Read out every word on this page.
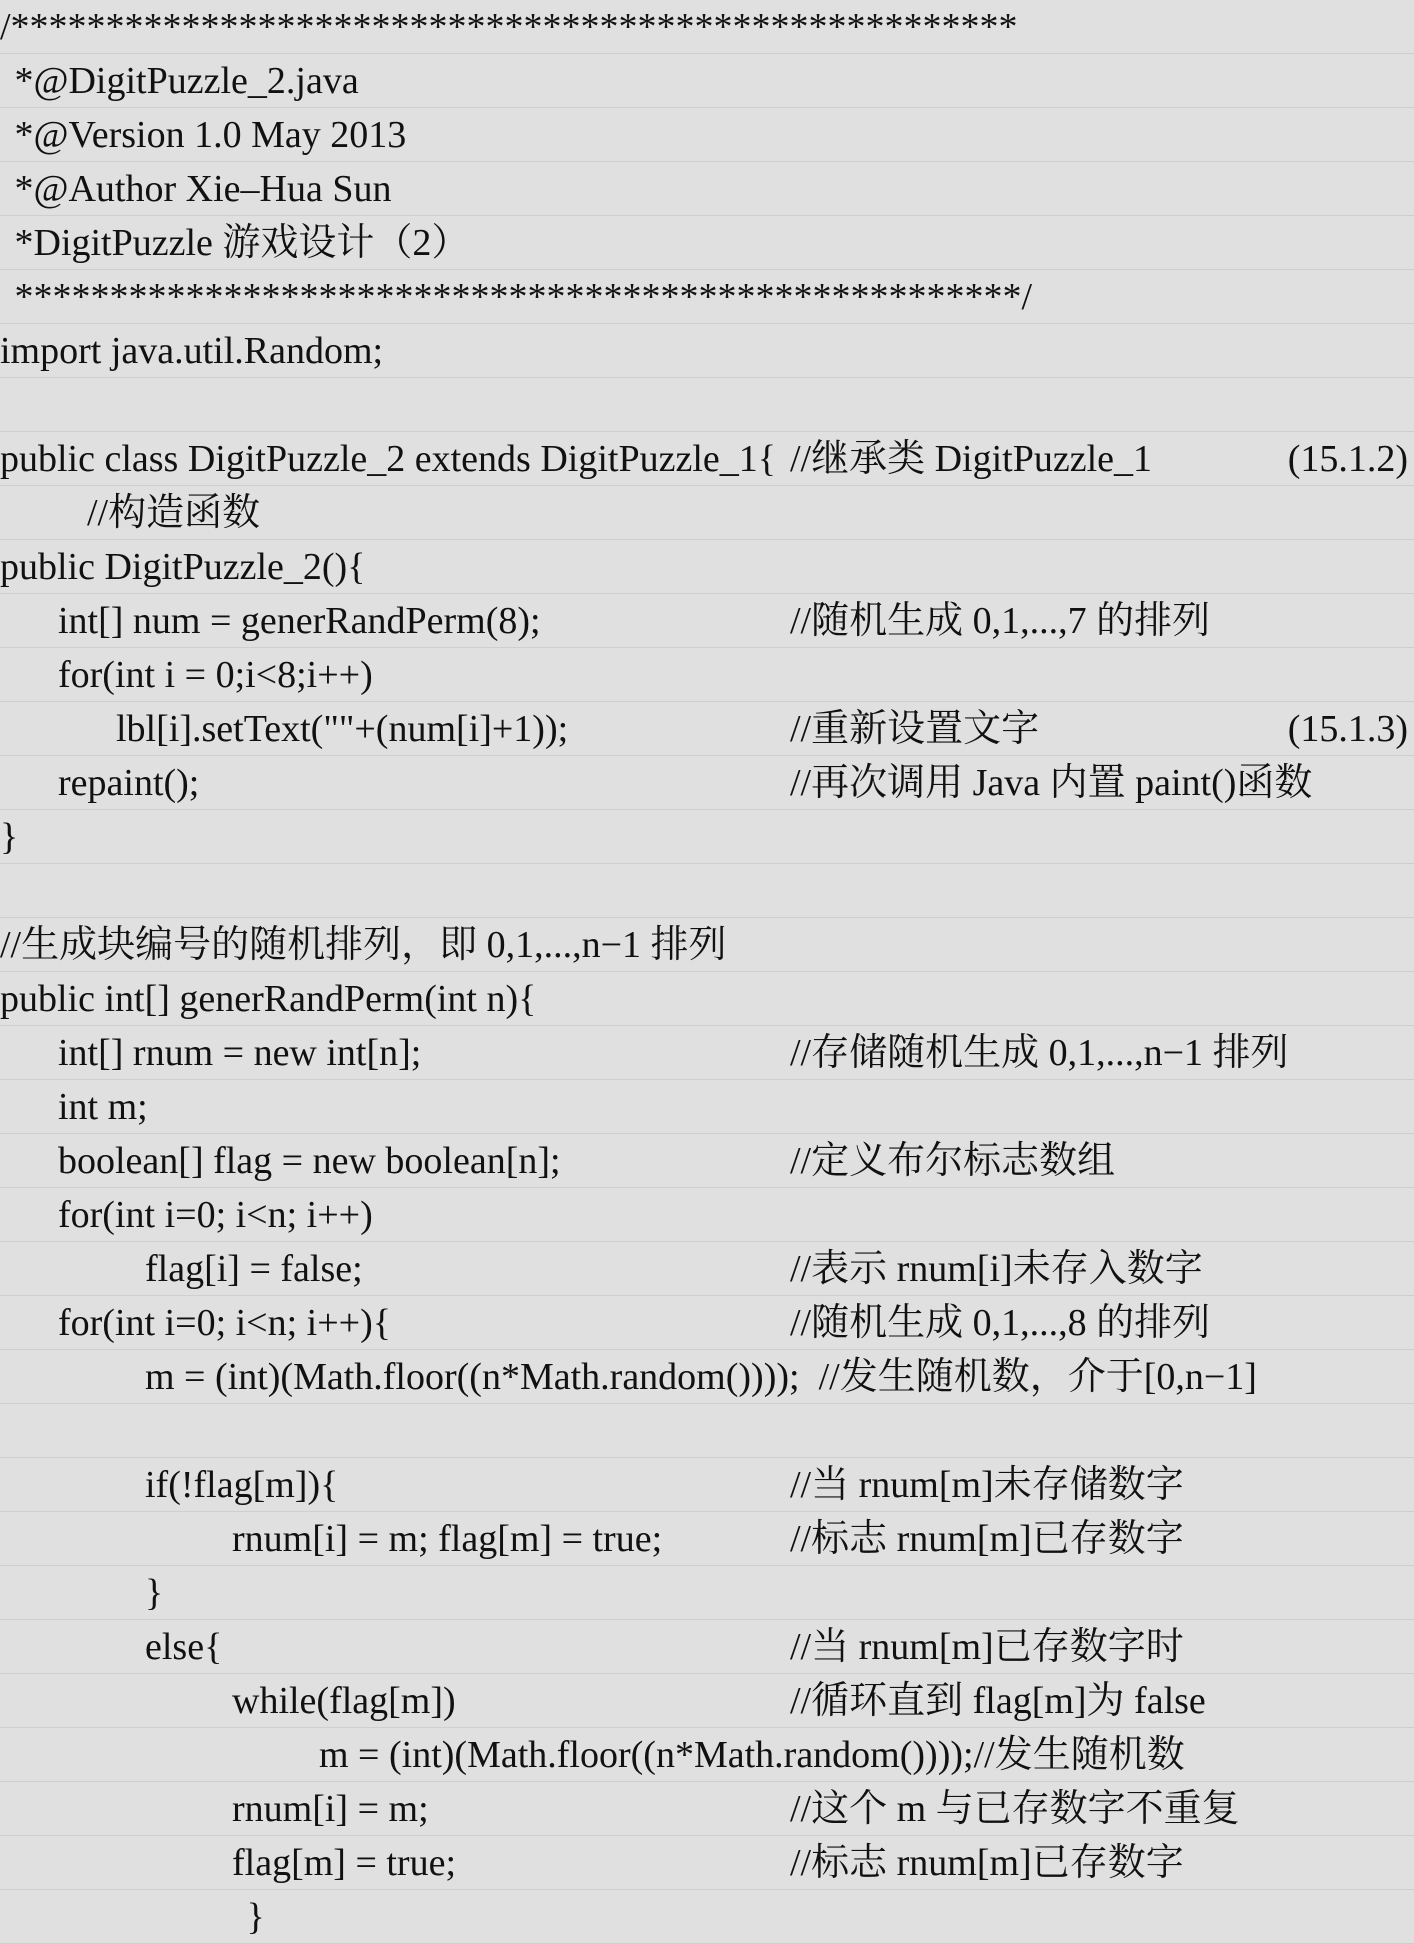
/*****************************************************
*@DigitPuzzle_2.java
*@Version 1.0 May 2013
*@Author Xie‒Hua Sun
*DigitPuzzle 游戏设计（2）
*****************************************************/
import java.util.Random;
public class DigitPuzzle_2 extends DigitPuzzle_1{ //继承类 DigitPuzzle_1	(15.1.2)
//构造函数
public DigitPuzzle_2(){
int[] num = generRandPerm(8);	//随机生成 0,1,...,7 的排列
for(int i = 0;i<8;i++)
lbl[i].setText(""+(num[i]+1));	//重新设置文字	(15.1.3)
repaint();	//再次调用 Java 内置 paint()函数
}
//生成块编号的随机排列，即 0,1,...,n−1 排列
public int[] generRandPerm(int n){
int[] rnum = new int[n];	//存储随机生成 0,1,...,n−1 排列
int m;
boolean[] flag = new boolean[n];	//定义布尔标志数组
for(int i=0; i<n; i++)
flag[i] = false;	//表示 rnum[i]未存入数字
for(int i=0; i<n; i++){	//随机生成 0,1,...,8 的排列
m = (int)(Math.floor((n*Math.random())));  //发生随机数，介于[0,n−1]
if(!flag[m]){	//当 rnum[m]未存储数字
rnum[i] = m; flag[m] = true;	//标志 rnum[m]已存数字
}
else{	//当 rnum[m]已存数字时
while(flag[m])	//循环直到 flag[m]为 false
m = (int)(Math.floor((n*Math.random())));//发生随机数
rnum[i] = m;	//这个 m 与已存数字不重复
flag[m] = true;	//标志 rnum[m]已存数字
}
